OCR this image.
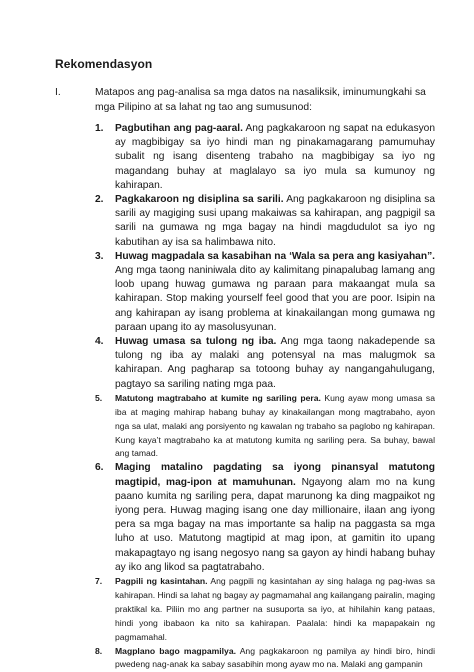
Rekomendasyon
I.	Matapos ang pag-analisa sa mga datos na nasaliksik, iminumungkahi sa mga Pilipino at sa lahat ng tao ang sumusunod:
1. Pagbutihan ang pag-aaral. Ang pagkakaroon ng sapat na edukasyon ay magbibigay sa iyo hindi man ng pinakamagarang pamumuhay subalit ng isang disenteng trabaho na magbibigay sa iyo ng magandang buhay at maglalayo sa iyo mula sa kumunoy ng kahirapan.
2. Pagkakaroon ng disiplina sa sarili. Ang pagkakaroon ng disiplina sa sarili ay magiging susi upang makaiwas sa kahirapan, ang pagpigil sa sarili na gumawa ng mga bagay na hindi magdudulot sa iyo ng kabutihan ay isa sa halimbawa nito.
3. Huwag magpadala sa kasabihan na ‘Wala sa pera ang kasiyahan”. Ang mga taong naniniwala dito ay kalimitang pinapalubag lamang ang loob upang huwag gumawa ng paraan para makaangat mula sa kahirapan. Stop making yourself feel good that you are poor. Isipin na ang kahirapan ay isang problema at kinakailangan mong gumawa ng paraan upang ito ay masolusyunan.
4. Huwag umasa sa tulong ng iba. Ang mga taong nakadepende sa tulong ng iba ay malaki ang potensyal na mas malugmok sa kahirapan. Ang pagharap sa totoong buhay ay nangangahulugang, pagtayo sa sariling nating mga paa.
5. Matutong magtrabaho at kumite ng sariling pera. Kung ayaw mong umasa sa iba at maging mahirap habang buhay ay kinakailangan mong magtrabaho, ayon nga sa ulat, malaki ang porsiyento ng kawalan ng trabaho sa paglobo ng kahirapan. Kung kaya’t magtrabaho ka at matutong kumita ng sariling pera. Sa buhay, bawal ang tamad.
6. Maging matalino pagdating sa iyong pinansyal matutong magtipid, mag-ipon at mamuhunan. Ngayong alam mo na kung paano kumita ng sariling pera, dapat marunong ka ding magpaikot ng iyong pera. Huwag maging isang one day millionaire, ilaan ang iyong pera sa mga bagay na mas importante sa halip na paggasta sa mga luho at uso. Matutong magtipid at mag ipon, at gamitin ito upang makapagtayo ng isang negosyo nang sa gayon ay hindi habang buhay ay iko ang likod sa pagtatrabaho.
7. Pagpili ng kasintahan. Ang pagpili ng kasintahan ay sing halaga ng pag-iwas sa kahirapan. Hindi sa lahat ng bagay ay pagmamahal ang kailangang pairalin, maging praktikal ka. Piliin mo ang partner na susuporta sa iyo, at hihilahin kang pataas, hindi yong ibabaon ka nito sa kahirapan. Paalala: hindi ka mapapakain ng pagmamahal.
8. Magplano bago magpamilya. Ang pagkakaroon ng pamilya ay hindi biro, hindi pwedeng nag-anak ka sabay sasabihin mong ayaw mo na. Malaki ang gampanin
